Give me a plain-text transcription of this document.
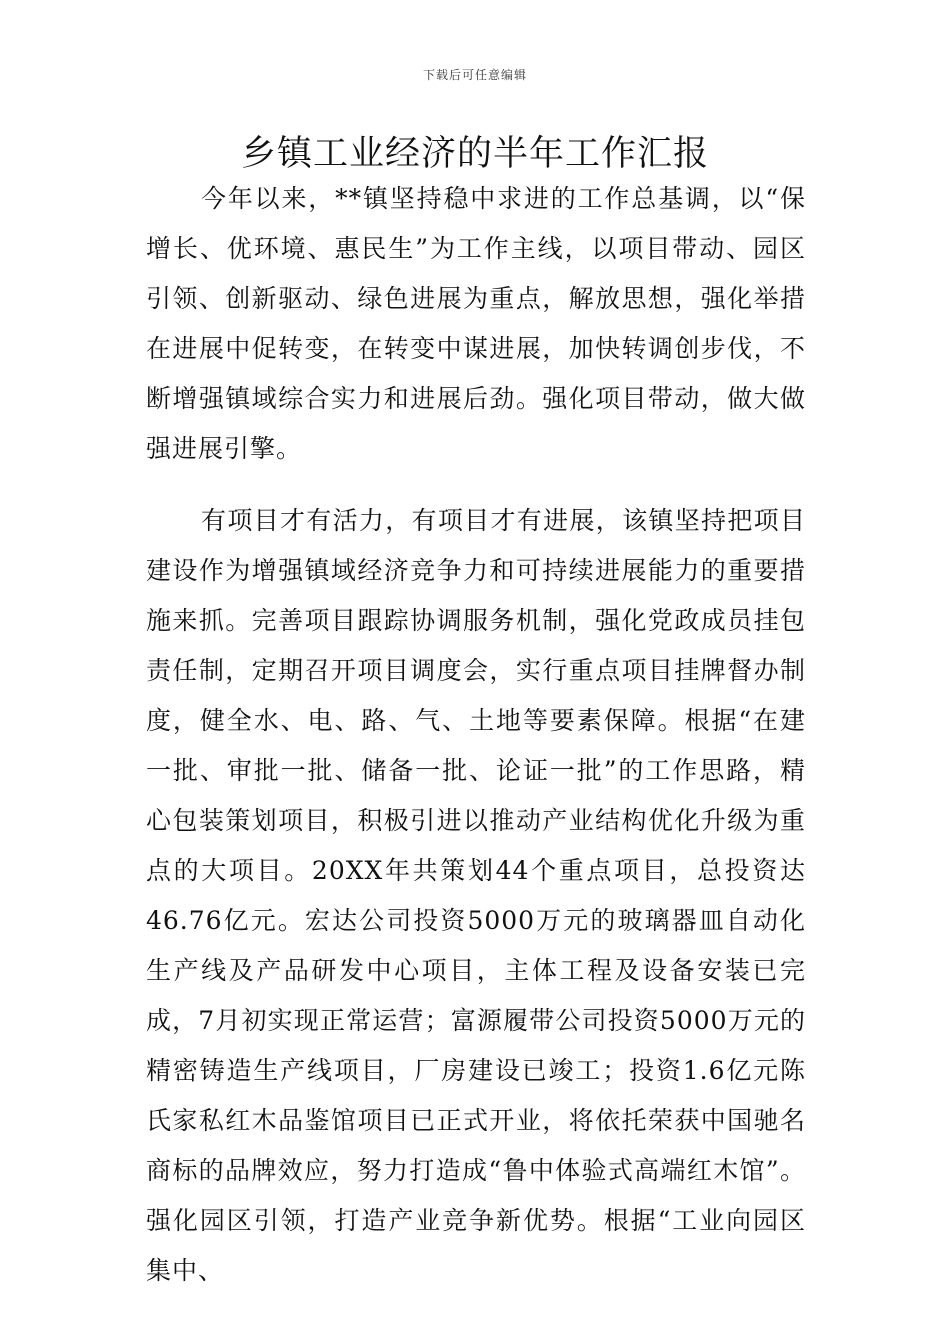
下载后可任意编辑
乡镇工业经济的半年工作汇报

今年以来，**镇坚持稳中求进的工作总基调，以“保增长、优环境、惠民生”为工作主线，以项目带动、园区引领、创新驱动、绿色进展为重点，解放思想，强化举措在进展中促转变，在转变中谋进展，加快转调创步伐，不断增强镇域综合实力和进展后劲。强化项目带动，做大做强进展引擎。

有项目才有活力，有项目才有进展，该镇坚持把项目建设作为增强镇域经济竞争力和可持续进展能力的重要措施来抓。完善项目跟踪协调服务机制，强化党政成员挂包责任制，定期召开项目调度会，实行重点项目挂牌督办制度，健全水、电、路、气、土地等要素保障。根据“在建一批、审批一批、储备一批、论证一批”的工作思路，精心包装策划项目，积极引进以推动产业结构优化升级为重点的大项目。20XX年共策划44个重点项目，总投资达46.76亿元。宏达公司投资5000万元的玻璃器皿自动化生产线及产品研发中心项目，主体工程及设备安装已完成，7月初实现正常运营；富源履带公司投资5000万元的精密铸造生产线项目，厂房建设已竣工；投资1.6亿元陈氏家私红木品鉴馆项目已正式开业，将依托荣获中国驰名商标的品牌效应，努力打造成“鲁中体验式高端红木馆”。强化园区引领，打造产业竞争新优势。根据“工业向园区集中、
